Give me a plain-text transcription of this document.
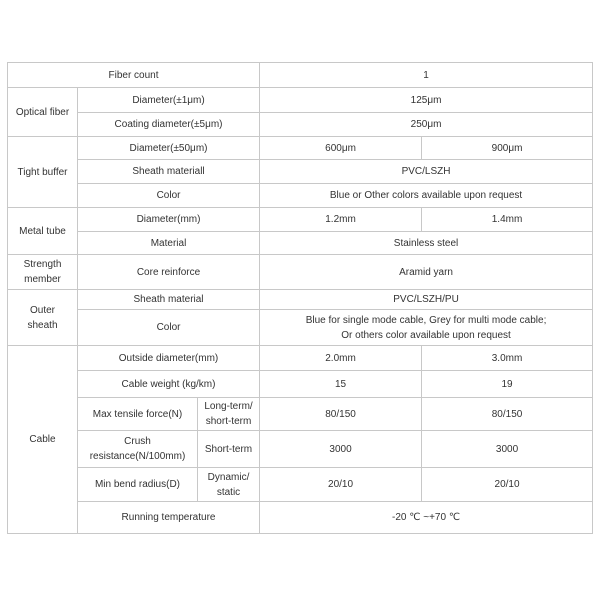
Fiber count			1	
Optical fiber	Diameter(±1μm)		125μm	
	Coating diameter(±5μm)		250μm	
Tight buffer	Diameter(±50μm)		600μm	900μm
	Sheath materiall		PVC/LSZH	
	Color		Blue or Other colors available upon request	
Metal tube	Diameter(mm)		1.2mm	1.4mm
	Material		Stainless steel	

Strength
member	Core reinforce		Aramid yarn	

Outer
sheath	Sheath material		PVC/LSZH/PU	
	Color		Blue for single mode cable, Grey for multi mode cable;
Or others color available upon request	

Cable	Outside diameter(mm)		2.0mm	3.0mm
	Cable weight (kg/km)		15	19
	Max tensile force(N)	Long-term/
short-term	80/150	80/150

	Crush
resistance(N/100mm)	Short-term	3000	3000
	Min bend radius(D)	Dynamic/
static	20/10	20/10
	Running temperature		-20 ℃ ~+70 ℃	
